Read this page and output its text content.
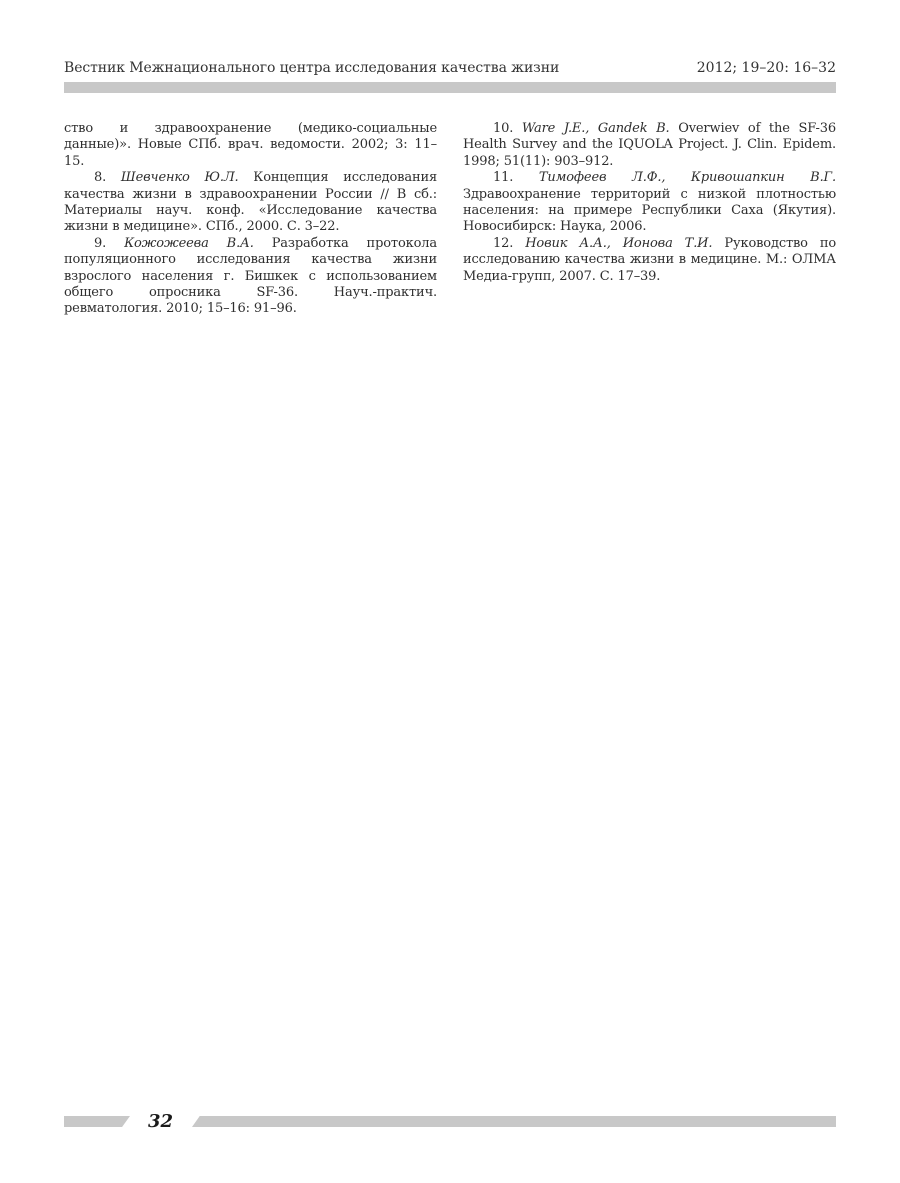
Вестник Межнационального центра исследования качества жизни	2012; 19–20: 16–32

ство и здравоохранение (медико-социальные данные)». Новые СПб. врач. ведомости. 2002; 3: 11–15.

8. Шевченко Ю.Л. Концепция исследования качества жизни в здравоохранении России // В сб.: Материалы науч. конф. «Исследование качества жизни в медицине». СПб., 2000. С. 3–22.

9. Кожожеева В.А. Разработка протокола популяционного исследования качества жизни взрослого населения г. Бишкек с использованием общего опросника SF-36. Науч.-практич. ревматология. 2010; 15–16: 91–96.

10. Ware J.E., Gandek B. Overwiev of the SF-36 Health Survey and the IQUOLA Project. J. Clin. Epidem. 1998; 51(11): 903–912.

11. Тимофеев Л.Ф., Кривошапкин В.Г. Здравоохранение территорий с низкой плотностью населения: на примере Республики Саха (Якутия). Новосибирск: Наука, 2006.

12. Новик А.А., Ионова Т.И. Руководство по исследованию качества жизни в медицине. М.: ОЛМА Медиа-групп, 2007. С. 17–39.

32
